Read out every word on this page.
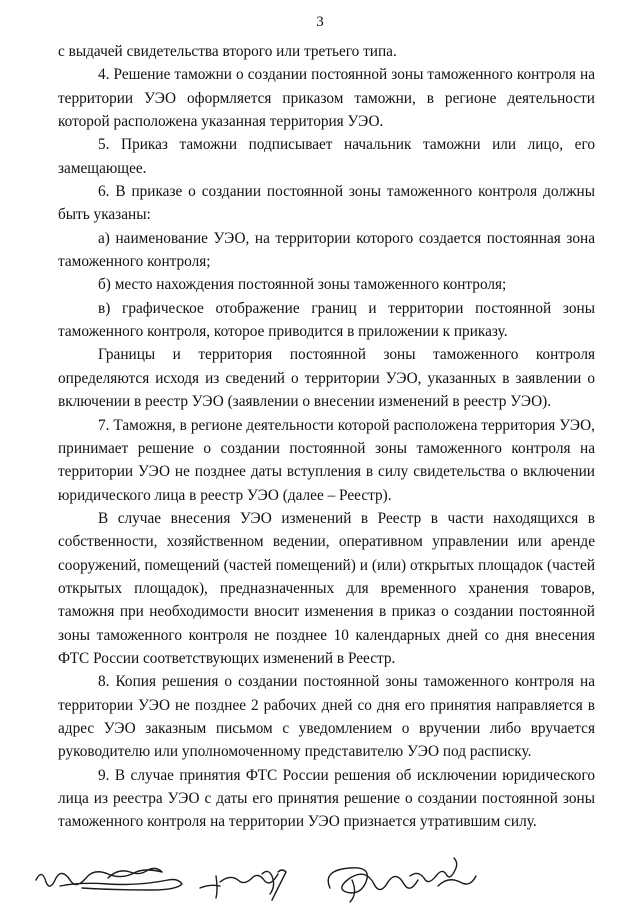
3

с выдачей свидетельства второго или третьего типа.

4. Решение таможни о создании постоянной зоны таможенного контроля на территории УЭО оформляется приказом таможни, в регионе деятельности которой расположена указанная территория УЭО.

5. Приказ таможни подписывает начальник таможни или лицо, его замещающее.

6. В приказе о создании постоянной зоны таможенного контроля должны быть указаны:

а) наименование УЭО, на территории которого создается постоянная зона таможенного контроля;

б) место нахождения постоянной зоны таможенного контроля;

в) графическое отображение границ и территории постоянной зоны таможенного контроля, которое приводится в приложении к приказу.

Границы и территория постоянной зоны таможенного контроля определяются исходя из сведений о территории УЭО, указанных в заявлении о включении в реестр УЭО (заявлении о внесении изменений в реестр УЭО).

7. Таможня, в регионе деятельности которой расположена территория УЭО, принимает решение о создании постоянной зоны таможенного контроля на территории УЭО не позднее даты вступления в силу свидетельства о включении юридического лица в реестр УЭО (далее – Реестр).

В случае внесения УЭО изменений в Реестр в части находящихся в собственности, хозяйственном ведении, оперативном управлении или аренде сооружений, помещений (частей помещений) и (или) открытых площадок (частей открытых площадок), предназначенных для временного хранения товаров, таможня при необходимости вносит изменения в приказ о создании постоянной зоны таможенного контроля не позднее 10 календарных дней со дня внесения ФТС России соответствующих изменений в Реестр.

8. Копия решения о создании постоянной зоны таможенного контроля на территории УЭО не позднее 2 рабочих дней со дня его принятия направляется в адрес УЭО заказным письмом с уведомлением о вручении либо вручается руководителю или уполномоченному представителю УЭО под расписку.

9. В случае принятия ФТС России решения об исключении юридического лица из реестра УЭО с даты его принятия решение о создании постоянной зоны таможенного контроля на территории УЭО признается утратившим силу.
